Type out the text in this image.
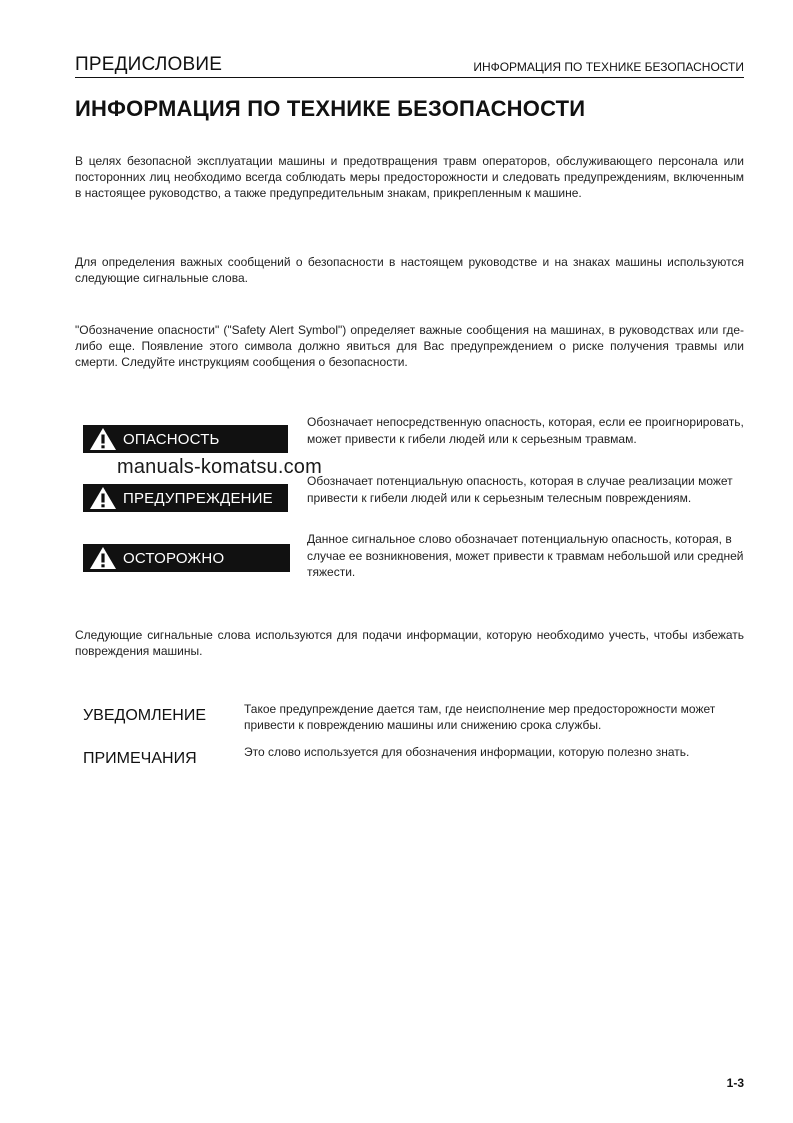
ПРЕДИСЛОВИЕ	ИНФОРМАЦИЯ ПО ТЕХНИКЕ БЕЗОПАСНОСТИ
ИНФОРМАЦИЯ ПО ТЕХНИКЕ БЕЗОПАСНОСТИ

В целях безопасной эксплуатации машины и предотвращения травм операторов, обслуживающего персонала или посторонних лиц необходимо всегда соблюдать меры предосторожности и следовать предупреждениям, включенным в настоящее руководство, а также предупредительным знакам, прикрепленным к машине.

Для определения важных сообщений о безопасности в настоящем руководстве и на знаках машины используются следующие сигнальные слова.

"Обозначение опасности" ("Safety Alert Symbol") определяет важные сообщения на машинах, в руководствах или где-либо еще. Появление этого символа должно явиться для Вас предупреждением о риске получения травмы или смерти. Следуйте инструкциям сообщения о безопасности.

ОПАСНОСТЬ
Обозначает непосредственную опасность, которая, если ее проигнорировать, может привести к гибели людей или к серьезным травмам.
manuals-komatsu.com
ПРЕДУПРЕЖДЕНИЕ
Обозначает потенциальную опасность, которая в случае реализации может привести к гибели людей или к серьезным телесным повреждениям.
ОСТОРОЖНО
Данное сигнальное слово обозначает потенциальную опасность, которая, в случае ее возникновения, может привести к травмам небольшой или средней тяжести.

Следующие сигнальные слова используются для подачи информации, которую необходимо учесть, чтобы избежать повреждения машины.

УВЕДОМЛЕНИЕ	Такое предупреждение дается там, где неисполнение мер предосторожности может привести к повреждению машины или снижению срока службы.
ПРИМЕЧАНИЯ	Это слово используется для обозначения информации, которую полезно знать.
1-3
